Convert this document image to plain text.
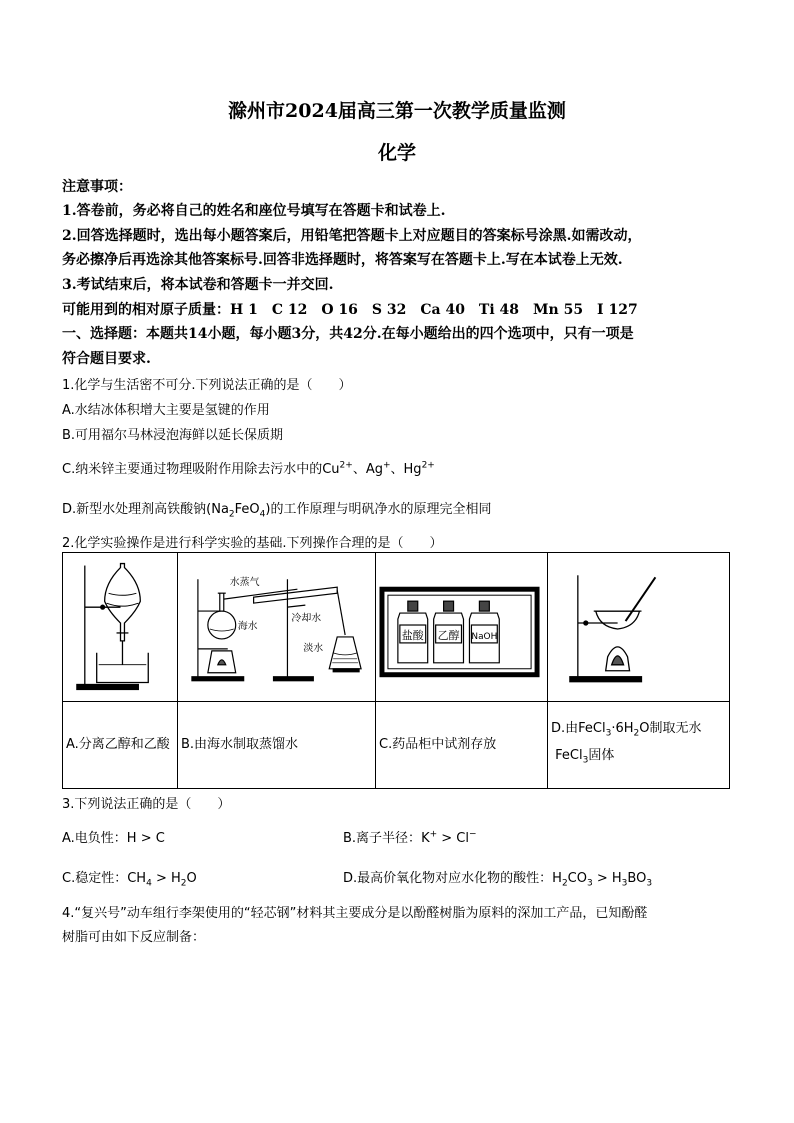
滁州市2024届高三第一次教学质量监测
化学
注意事项：
1.答卷前，务必将自己的姓名和座位号填写在答题卡和试卷上.
2.回答选择题时，选出每小题答案后，用铅笔把答题卡上对应题目的答案标号涂黑.如需改动，
务必擦净后再选涂其他答案标号.回答非选择题时，将答案写在答题卡上.写在本试卷上无效.
3.考试结束后，将本试卷和答题卡一并交回.
可能用到的相对原子质量：H 1　C 12　O 16　S 32　Ca 40　Ti 48　Mn 55　I 127
一、选择题：本题共14小题，每小题3分，共42分.在每小题给出的四个选项中，只有一项是
符合题目要求.
1.化学与生活密不可分.下列说法正确的是（　　）
A.水结冰体积增大主要是氢键的作用
B.可用福尔马林浸泡海鲜以延长保质期
C.纳米锌主要通过物理吸附作用除去污水中的$Cu^{2+}$、Ag+、$Hg^{2+}$
D.新型水处理剂高铁酸钠$(Na_2FeO_4)$的工作原理与明矾净水的原理完全相同
2.化学实验操作是进行科学实验的基础.下列操作合理的是（　　）

水蒸气
海水
冷却水
淡水	盐酸 乙醇 NaOH

A.分离乙醇和乙酸	B.由海水制取蒸馏水	C.药品柜中试剂存放	D.由$FeCl_3\cdot 6H_2O$制取无水
FeCl$_3$固体
3.下列说法正确的是（　　）
A.电负性：H > C	B.离子半径：K+ > Cl−
C.稳定性：$CH_4 > H_2O$	D.最高价氧化物对应水化物的酸性：$H_2CO_3 > H_3BO_3$
4.“复兴号”动车组行李架使用的“轻芯钢”材料其主要成分是以酚醛树脂为原料的深加工产品，已知酚醛
树脂可由如下反应制备：
